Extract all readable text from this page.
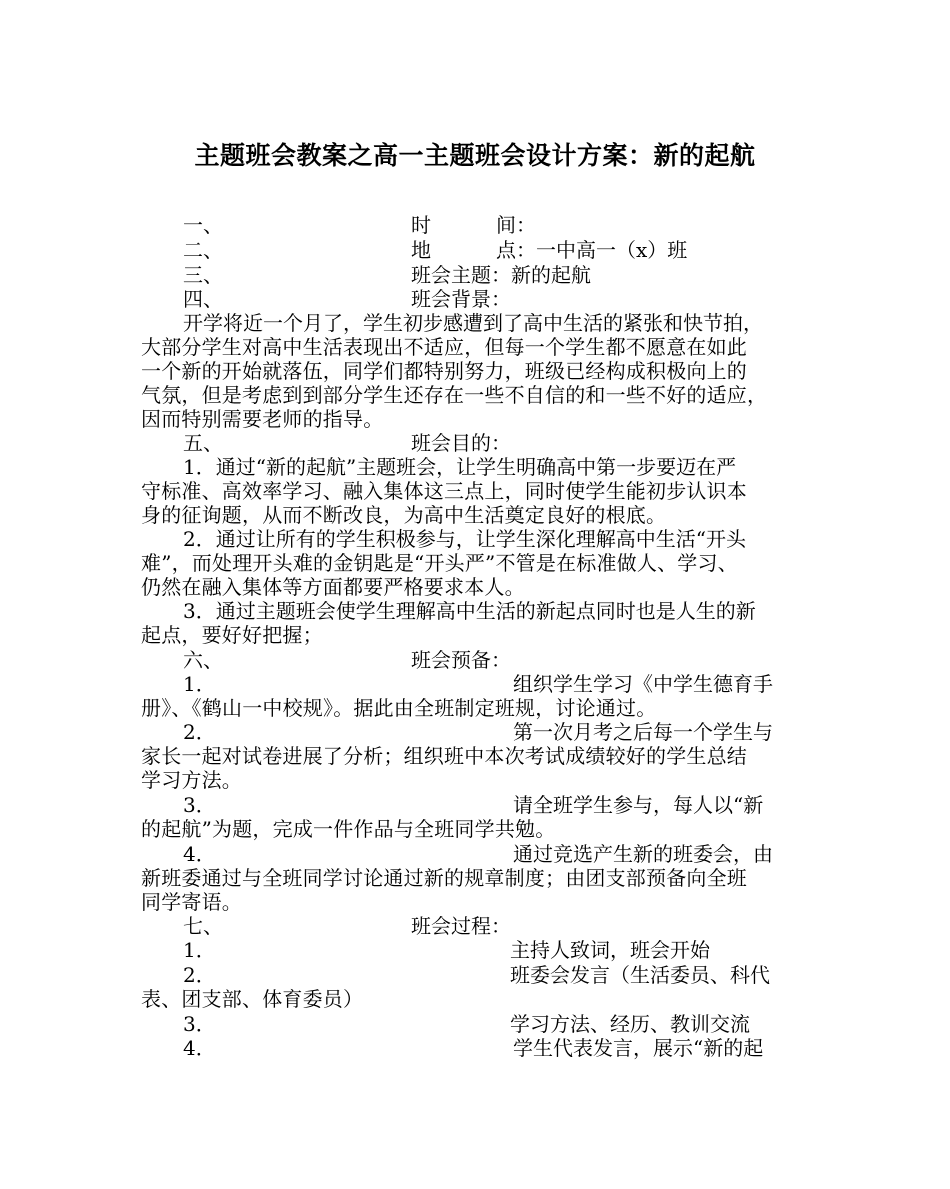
主题班会教案之高一主题班会设计方案：新的起航
一、	时	间：
二、	地	点：一中高一（x）班
三、	班会主题：新的起航
四、	班会背景：
开学将近一个月了，学生初步感遭到了高中生活的紧张和快节拍，
大部分学生对高中生活表现出不适应，但每一个学生都不愿意在如此
一个新的开始就落伍，同学们都特别努力，班级已经构成积极向上的
气氛，但是考虑到到部分学生还存在一些不自信的和一些不好的适应，
因而特别需要老师的指导。
五、	班会目的：
1．通过“新的起航”主题班会，让学生明确高中第一步要迈在严
守标准、高效率学习、融入集体这三点上，同时使学生能初步认识本
身的征询题，从而不断改良，为高中生活奠定良好的根底。
2．通过让所有的学生积极参与，让学生深化理解高中生活“开头
难”，而处理开头难的金钥匙是“开头严”不管是在标准做人、学习、
仍然在融入集体等方面都要严格要求本人。
3．通过主题班会使学生理解高中生活的新起点同时也是人生的新
起点，要好好把握；
六、	班会预备：
1．	组织学生学习《中学生德育手
册》、《鹤山一中校规》。据此由全班制定班规，讨论通过。
2．	第一次月考之后每一个学生与
家长一起对试卷进展了分析；组织班中本次考试成绩较好的学生总结
学习方法。
3．	请全班学生参与，每人以“新
的起航”为题，完成一件作品与全班同学共勉。
4．	通过竞选产生新的班委会，由
新班委通过与全班同学讨论通过新的规章制度；由团支部预备向全班
同学寄语。
七、	班会过程：
1．	主持人致词，班会开始
2．	班委会发言（生活委员、科代
表、团支部、体育委员）
3．	学习方法、经历、教训交流
4．	学生代表发言，展示“新的起
